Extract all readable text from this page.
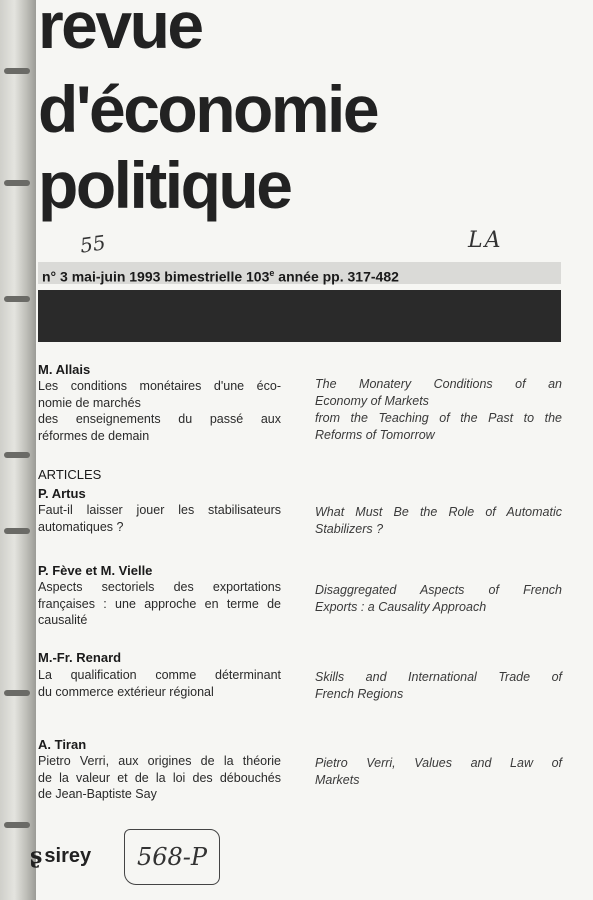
revue
d'économie
politique
55	LA
n° 3 mai-juin 1993 bimestrielle 103e année pp. 317-482
M. Allais
Les conditions monétaires d'une éco-
nomie de marchés
des enseignements du passé aux
réformes de demain
The Monatery Conditions of an
Economy of Markets
from the Teaching of the Past to the
Reforms of Tomorrow
ARTICLES
P. Artus
Faut-il laisser jouer les stabilisateurs
automatiques ?
What Must Be the Role of Automatic
Stabilizers ?
P. Fève et M. Vielle
Aspects sectoriels des exportations
françaises : une approche en terme de
causalité
Disaggregated Aspects of French
Exports : a Causality Approach
M.-Fr. Renard
La qualification comme déterminant
du commerce extérieur régional
Skills and International Trade of
French Regions
A. Tiran
Pietro Verri, aux origines de la théorie
de la valeur et de la loi des débouchés
de Jean-Baptiste Say
Pietro Verri, Values and Law of
Markets
ʂ sirey	568-P
